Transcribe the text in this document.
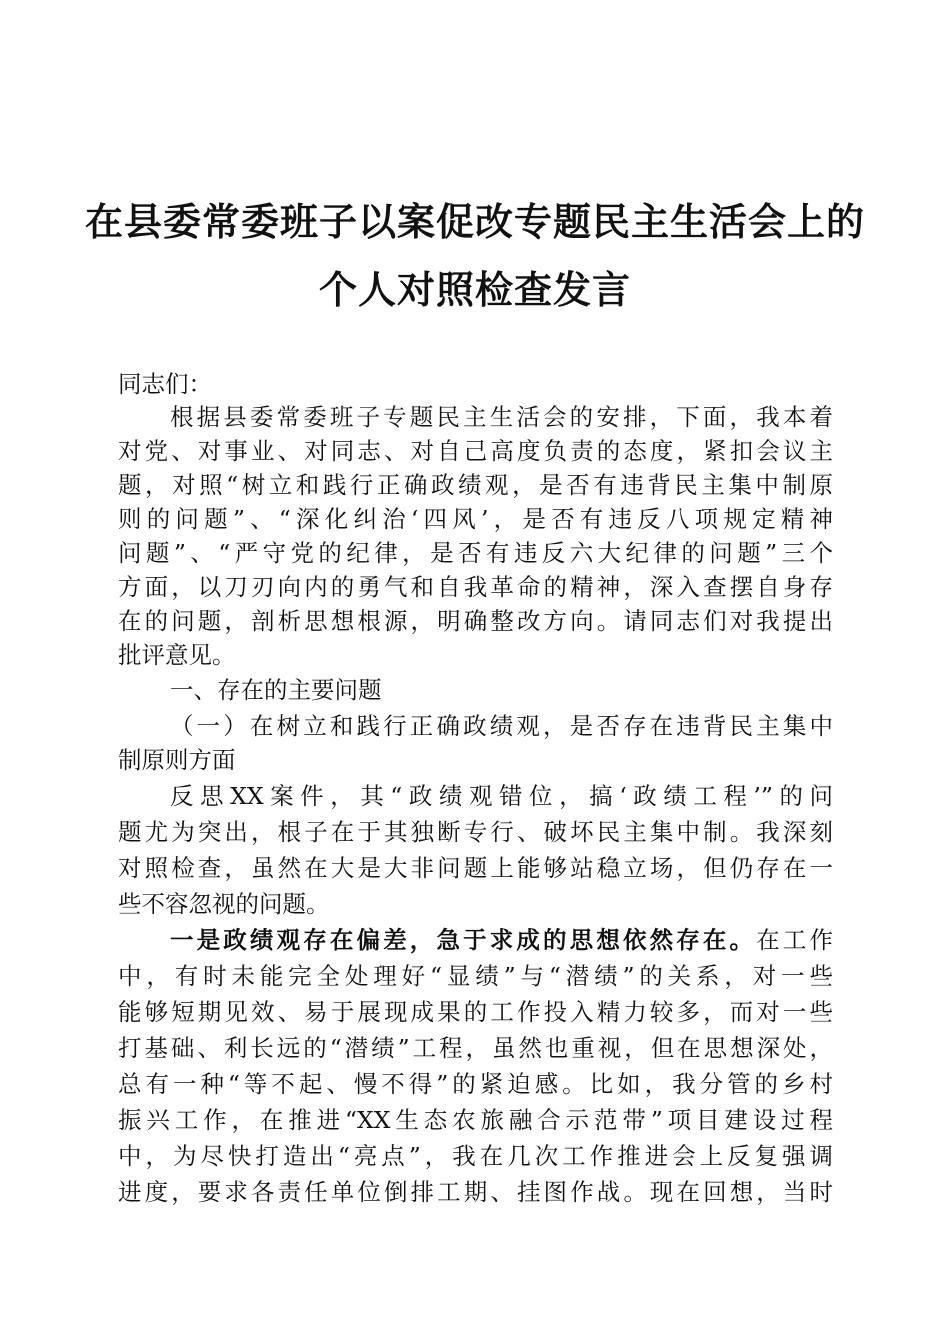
在县委常委班子以案促改专题民主生活会上的
个人对照检查发言
同志们：
根据县委常委班子专题民主生活会的安排，下面，我本着
对党、对事业、对同志、对自己高度负责的态度，紧扣会议主
题，对照“树立和践行正确政绩观，是否有违背民主集中制原
则的问题”、“深化纠治‘四风’，是否有违反八项规定精神
问题”、“严守党的纪律，是否有违反六大纪律的问题”三个
方面，以刀刃向内的勇气和自我革命的精神，深入查摆自身存
在的问题，剖析思想根源，明确整改方向。请同志们对我提出
批评意见。
一、存在的主要问题
（一）在树立和践行正确政绩观，是否存在违背民主集中
制原则方面
反思XX案件，其“政绩观错位，搞‘政绩工程’”的问
题尤为突出，根子在于其独断专行、破坏民主集中制。我深刻
对照检查，虽然在大是大非问题上能够站稳立场，但仍存在一
些不容忽视的问题。
一是政绩观存在偏差，急于求成的思想依然存在。在工作
中，有时未能完全处理好“显绩”与“潜绩”的关系，对一些
能够短期见效、易于展现成果的工作投入精力较多，而对一些
打基础、利长远的“潜绩”工程，虽然也重视，但在思想深处，
总有一种“等不起、慢不得”的紧迫感。比如，我分管的乡村
振兴工作，在推进“XX生态农旅融合示范带”项目建设过程
中，为尽快打造出“亮点”，我在几次工作推进会上反复强调
进度，要求各责任单位倒排工期、挂图作战。现在回想，当时
